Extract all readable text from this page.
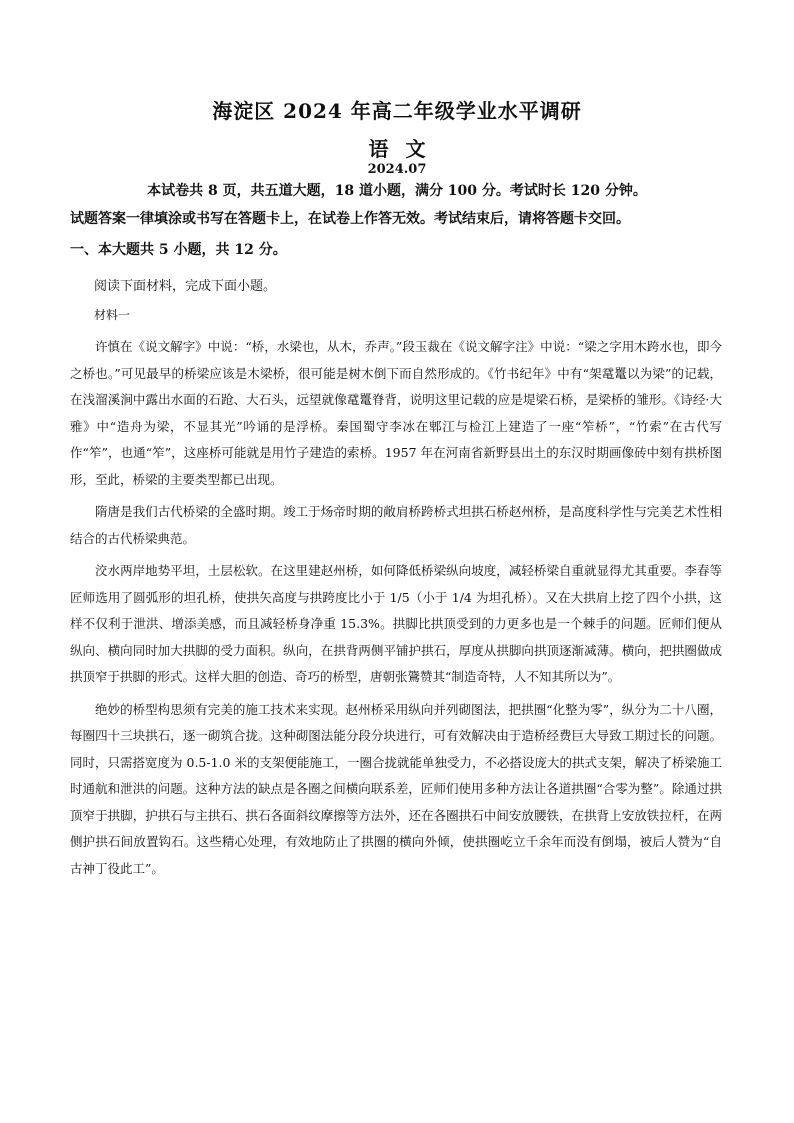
海淀区 2024 年高二年级学业水平调研
语 文
2024.07
本试卷共 8 页，共五道大题，18 道小题，满分 100 分。考试时长 120 分钟。
试题答案一律填涂或书写在答题卡上，在试卷上作答无效。考试结束后，请将答题卡交回。
一、本大题共 5 小题，共 12 分。
阅读下面材料，完成下面小题。
材料一

许慎在《说文解字》中说：“桥，水梁也，从木，乔声。”段玉裁在《说文解字注》中说：“梁之字用木跨水也，即今之桥也。”可见最早的桥梁应该是木梁桥，很可能是树木倒下而自然形成的。《竹书纪年》中有“架鼋鼍以为梁”的记载，在浅溜溪涧中露出水面的石跄、大石头，远望就像鼋鼍脊背，说明这里记载的应是堤梁石桥，是梁桥的雏形。《诗经·大雅》中“造舟为梁，不显其光”吟诵的是浮桥。秦国蜀守李冰在郫江与检江上建造了一座“笮桥”，“竹索”在古代写作“笮”，也通“笮”，这座桥可能就是用竹子建造的索桥。1957 年在河南省新野县出土的东汉时期画像砖中刻有拱桥图形，至此，桥梁的主要类型都已出现。

隋唐是我们古代桥梁的全盛时期。竣工于炀帝时期的敞肩桥跨桥式坦拱石桥赵州桥，是高度科学性与完美艺术性相结合的古代桥梁典范。

洨水两岸地势平坦，土层松软。在这里建赵州桥，如何降低桥梁纵向坡度，减轻桥梁自重就显得尤其重要。李春等匠师选用了圆弧形的坦孔桥，使拱矢高度与拱跨度比小于 1/5（小于 1/4 为坦孔桥）。又在大拱肩上挖了四个小拱，这样不仅利于泄洪、增添美感，而且减轻桥身净重 15.3%。拱脚比拱顶受到的力更多也是一个棘手的问题。匠师们便从纵向、横向同时加大拱脚的受力面积。纵向，在拱背两侧平铺护拱石，厚度从拱脚向拱顶逐渐减薄。横向，把拱圈做成拱顶窄于拱脚的形式。这样大胆的创造、奇巧的桥型，唐朝张鷟赞其“制造奇特，人不知其所以为”。

绝妙的桥型构思须有完美的施工技术来实现。赵州桥采用纵向并列砌图法，把拱圈“化整为零”，纵分为二十八圈，每圈四十三块拱石，逐一砌筑合拢。这种砌图法能分段分块进行，可有效解决由于造桥经费巨大导致工期过长的问题。同时，只需搭宽度为 0.5-1.0 米的支架便能施工，一圈合拢就能单独受力，不必搭设庞大的拱式支架，解决了桥梁施工时通航和泄洪的问题。这种方法的缺点是各圈之间横向联系差，匠师们使用多种方法让各道拱圈“合零为整”。除通过拱顶窄于拱脚，护拱石与主拱石、拱石各面斜纹摩擦等方法外，还在各圈拱石中间安放腰铁，在拱背上安放铁拉杆，在两侧护拱石间放置钩石。这些精心处理，有效地防止了拱圈的横向外倾，使拱圈屹立千余年而没有倒塌，被后人赞为“自古神丁役此工”。
